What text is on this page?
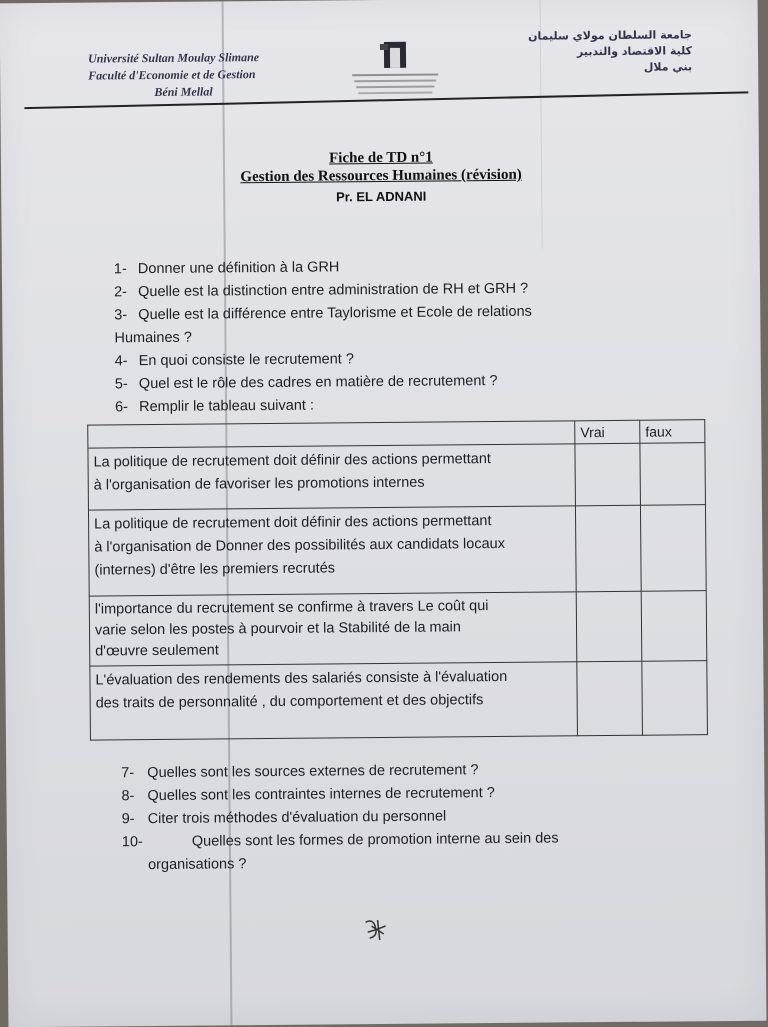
Université Sultan Moulay Slimane
Faculté d'Economie et de Gestion
Béni Mellal
جامعة السلطان مولاي سليمان
كلية الاقتصاد والتدبير
بني ملال
Fiche de TD n°1
Gestion des Ressources Humaines (révision)
Pr. EL ADNANI
1- Donner une définition à la GRH
2- Quelle est la distinction entre administration de RH et GRH ?
3- Quelle est la différence entre Taylorisme et Ecole de relations
Humaines ?
4- En quoi consiste le recrutement ?
5- Quel est le rôle des cadres en matière de recrutement ?
6- Remplir le tableau suivant :
	Vrai	faux

La politique de recrutement doit définir des actions permettant
à l'organisation de favoriser les promotions internes		

La politique de recrutement doit définir des actions permettant
à l'organisation de Donner des possibilités aux candidats locaux
(internes) d'être les premiers recrutés		

l'importance du recrutement se confirme à travers Le coût qui
varie selon les postes à pourvoir et la Stabilité de la main
d'œuvre seulement		

L'évaluation des rendements des salariés consiste à l'évaluation
des traits de personnalité , du comportement et des objectifs		

7- Quelles sont les sources externes de recrutement ?
8- Quelles sont les contraintes internes de recrutement ?
9- Citer trois méthodes d'évaluation du personnel
10-	Quelles sont les formes de promotion interne au sein des
organisations ?
